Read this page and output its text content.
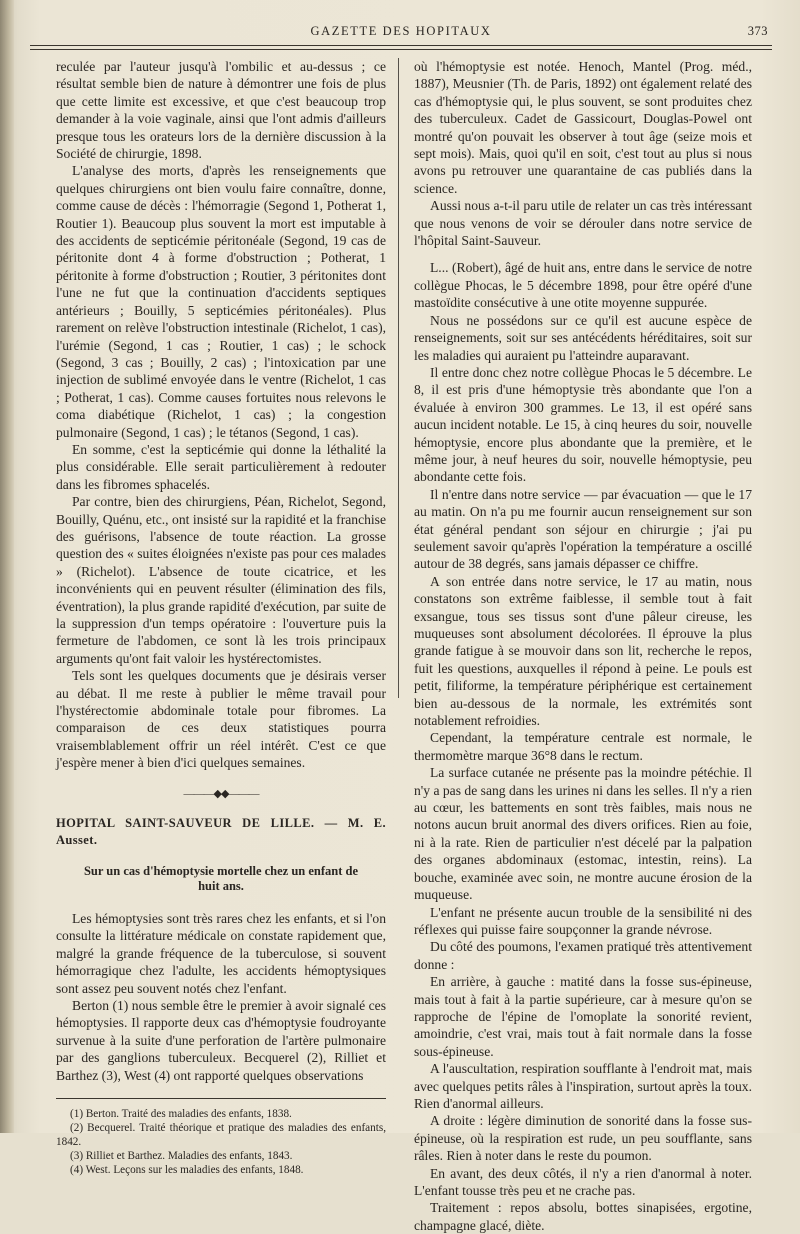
GAZETTE DES HOPITAUX	373

reculée par l'auteur jusqu'à l'ombilic et au-dessus ; ce résultat semble bien de nature à démontrer une fois de plus que cette limite est excessive, et que c'est beaucoup trop demander à la voie vaginale, ainsi que l'ont admis d'ailleurs presque tous les orateurs lors de la dernière discussion à la Société de chirurgie, 1898.

L'analyse des morts, d'après les renseignements que quelques chirurgiens ont bien voulu faire connaître, donne, comme cause de décès : l'hémorragie (Segond 1, Potherat 1, Routier 1). Beaucoup plus souvent la mort est imputable à des accidents de septicémie péritonéale (Segond, 19 cas de péritonite dont 4 à forme d'obstruction ; Potherat, 1 péritonite à forme d'obstruction ; Routier, 3 péritonites dont l'une ne fut que la continuation d'accidents septiques antérieurs ; Bouilly, 5 septicémies péritonéales). Plus rarement on relève l'obstruction intestinale (Richelot, 1 cas), l'urémie (Segond, 1 cas ; Routier, 1 cas) ; le schock (Segond, 3 cas ; Bouilly, 2 cas) ; l'intoxication par une injection de sublimé envoyée dans le ventre (Richelot, 1 cas ; Potherat, 1 cas). Comme causes fortuites nous relevons le coma diabétique (Richelot, 1 cas) ; la congestion pulmonaire (Segond, 1 cas) ; le tétanos (Segond, 1 cas).

En somme, c'est la septicémie qui donne la léthalité la plus considérable. Elle serait particulièrement à redouter dans les fibromes sphacelés.

Par contre, bien des chirurgiens, Péan, Richelot, Segond, Bouilly, Quénu, etc., ont insisté sur la rapidité et la franchise des guérisons, l'absence de toute réaction. La grosse question des « suites éloignées n'existe pas pour ces malades » (Richelot). L'absence de toute cicatrice, et les inconvénients qui en peuvent résulter (élimination des fils, éventration), la plus grande rapidité d'exécution, par suite de la suppression d'un temps opératoire : l'ouverture puis la fermeture de l'abdomen, ce sont là les trois principaux arguments qu'ont fait valoir les hystérectomistes.

Tels sont les quelques documents que je désirais verser au débat. Il me reste à publier le même travail pour l'hystérectomie abdominale totale pour fibromes. La comparaison de ces deux statistiques pourra vraisemblablement offrir un réel intérêt. C'est ce que j'espère mener à bien d'ici quelques semaines.

———◆◆———

HOPITAL SAINT-SAUVEUR DE LILLE. — M. E. Ausset.

Sur un cas d'hémoptysie mortelle chez un enfant de huit ans.

Les hémoptysies sont très rares chez les enfants, et si l'on consulte la littérature médicale on constate rapidement que, malgré la grande fréquence de la tuberculose, si souvent hémorragique chez l'adulte, les accidents hémoptysiques sont assez peu souvent notés chez l'enfant.

Berton (1) nous semble être le premier à avoir signalé ces hémoptysies. Il rapporte deux cas d'hémoptysie foudroyante survenue à la suite d'une perforation de l'artère pulmonaire par des ganglions tuberculeux. Becquerel (2), Rilliet et Barthez (3), West (4) ont rapporté quelques observations

(1) Berton. Traité des maladies des enfants, 1838.

(2) Becquerel. Traité théorique et pratique des maladies des enfants, 1842.

(3) Rilliet et Barthez. Maladies des enfants, 1843.

(4) West. Leçons sur les maladies des enfants, 1848.

où l'hémoptysie est notée. Henoch, Mantel (Prog. méd., 1887), Meusnier (Th. de Paris, 1892) ont également relaté des cas d'hémoptysie qui, le plus souvent, se sont produites chez des tuberculeux. Cadet de Gassicourt, Douglas-Powel ont montré qu'on pouvait les observer à tout âge (seize mois et sept mois). Mais, quoi qu'il en soit, c'est tout au plus si nous avons pu retrouver une quarantaine de cas publiés dans la science.

Aussi nous a-t-il paru utile de relater un cas très intéressant que nous venons de voir se dérouler dans notre service de l'hôpital Saint-Sauveur.

L... (Robert), âgé de huit ans, entre dans le service de notre collègue Phocas, le 5 décembre 1898, pour être opéré d'une mastoïdite consécutive à une otite moyenne suppurée.

Nous ne possédons sur ce qu'il est aucune espèce de renseignements, soit sur ses antécédents héréditaires, soit sur les maladies qui auraient pu l'atteindre auparavant.

Il entre donc chez notre collègue Phocas le 5 décembre. Le 8, il est pris d'une hémoptysie très abondante que l'on a évaluée à environ 300 grammes. Le 13, il est opéré sans aucun incident notable. Le 15, à cinq heures du soir, nouvelle hémoptysie, encore plus abondante que la première, et le même jour, à neuf heures du soir, nouvelle hémoptysie, peu abondante cette fois.

Il n'entre dans notre service — par évacuation — que le 17 au matin. On n'a pu me fournir aucun renseignement sur son état général pendant son séjour en chirurgie ; j'ai pu seulement savoir qu'après l'opération la température a oscillé autour de 38 degrés, sans jamais dépasser ce chiffre.

A son entrée dans notre service, le 17 au matin, nous constatons son extrême faiblesse, il semble tout à fait exsangue, tous ses tissus sont d'une pâleur cireuse, les muqueuses sont absolument décolorées. Il éprouve la plus grande fatigue à se mouvoir dans son lit, recherche le repos, fuit les questions, auxquelles il répond à peine. Le pouls est petit, filiforme, la température périphérique est certainement bien au-dessous de la normale, les extrémités sont notablement refroidies.

Cependant, la température centrale est normale, le thermomètre marque 36°8 dans le rectum.

La surface cutanée ne présente pas la moindre pétéchie. Il n'y a pas de sang dans les urines ni dans les selles. Il n'y a rien au cœur, les battements en sont très faibles, mais nous ne notons aucun bruit anormal des divers orifices. Rien au foie, ni à la rate. Rien de particulier n'est décelé par la palpation des organes abdominaux (estomac, intestin, reins). La bouche, examinée avec soin, ne montre aucune érosion de la muqueuse.

L'enfant ne présente aucun trouble de la sensibilité ni des réflexes qui puisse faire soupçonner la grande névrose.

Du côté des poumons, l'examen pratiqué très attentivement donne :

En arrière, à gauche : matité dans la fosse sus-épineuse, mais tout à fait à la partie supérieure, car à mesure qu'on se rapproche de l'épine de l'omoplate la sonorité revient, amoindrie, c'est vrai, mais tout à fait normale dans la fosse sous-épineuse.

A l'auscultation, respiration soufflante à l'endroit mat, mais avec quelques petits râles à l'inspiration, surtout après la toux. Rien d'anormal ailleurs.

A droite : légère diminution de sonorité dans la fosse sus-épineuse, où la respiration est rude, un peu soufflante, sans râles. Rien à noter dans le reste du poumon.

En avant, des deux côtés, il n'y a rien d'anormal à noter. L'enfant tousse très peu et ne crache pas.

Traitement : repos absolu, bottes sinapisées, ergotine, champagne glacé, diète.
